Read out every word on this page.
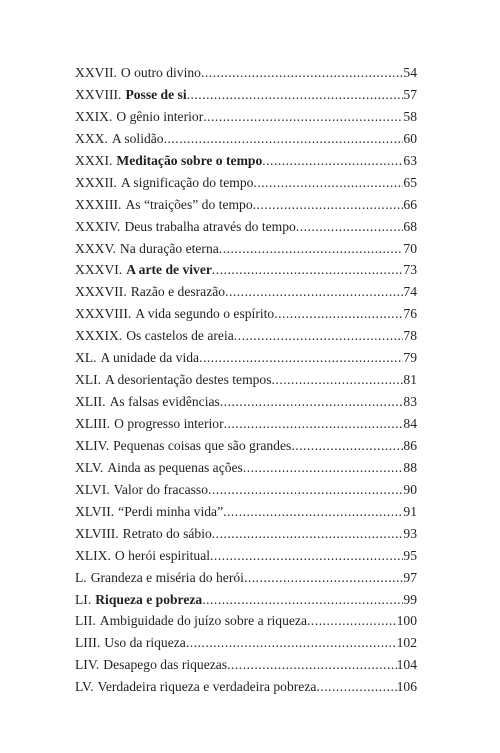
XXVII. O outro divino .....	54
XXVIII. Posse de si .....	57
XXIX. O gênio interior .....	58
XXX. A solidão .....	60
XXXI. Meditação sobre o tempo .....	63
XXXII. A significação do tempo .....	65
XXXIII. As “traições” do tempo .....	66
XXXIV. Deus trabalha através do tempo .....	68
XXXV. Na duração eterna .....	70
XXXVI. A arte de viver .....	73
XXXVII. Razão e desrazão .....	74
XXXVIII. A vida segundo o espírito .....	76
XXXIX. Os castelos de areia .....	78
XL. A unidade da vida .....	79
XLI. A desorientação destes tempos .....	81
XLII. As falsas evidências .....	83
XLIII. O progresso interior .....	84
XLIV. Pequenas coisas que são grandes .....	86
XLV. Ainda as pequenas ações .....	88
XLVI. Valor do fracasso .....	90
XLVII. “Perdi minha vida” .....	91
XLVIII. Retrato do sábio .....	93
XLIX. O herói espiritual .....	95
L. Grandeza e miséria do herói .....	97
LI. Riqueza e pobreza .....	99
LII. Ambiguidade do juízo sobre a riqueza .....	100
LIII. Uso da riqueza .....	102
LIV. Desapego das riquezas .....	104
LV. Verdadeira riqueza e verdadeira pobreza .....	106
